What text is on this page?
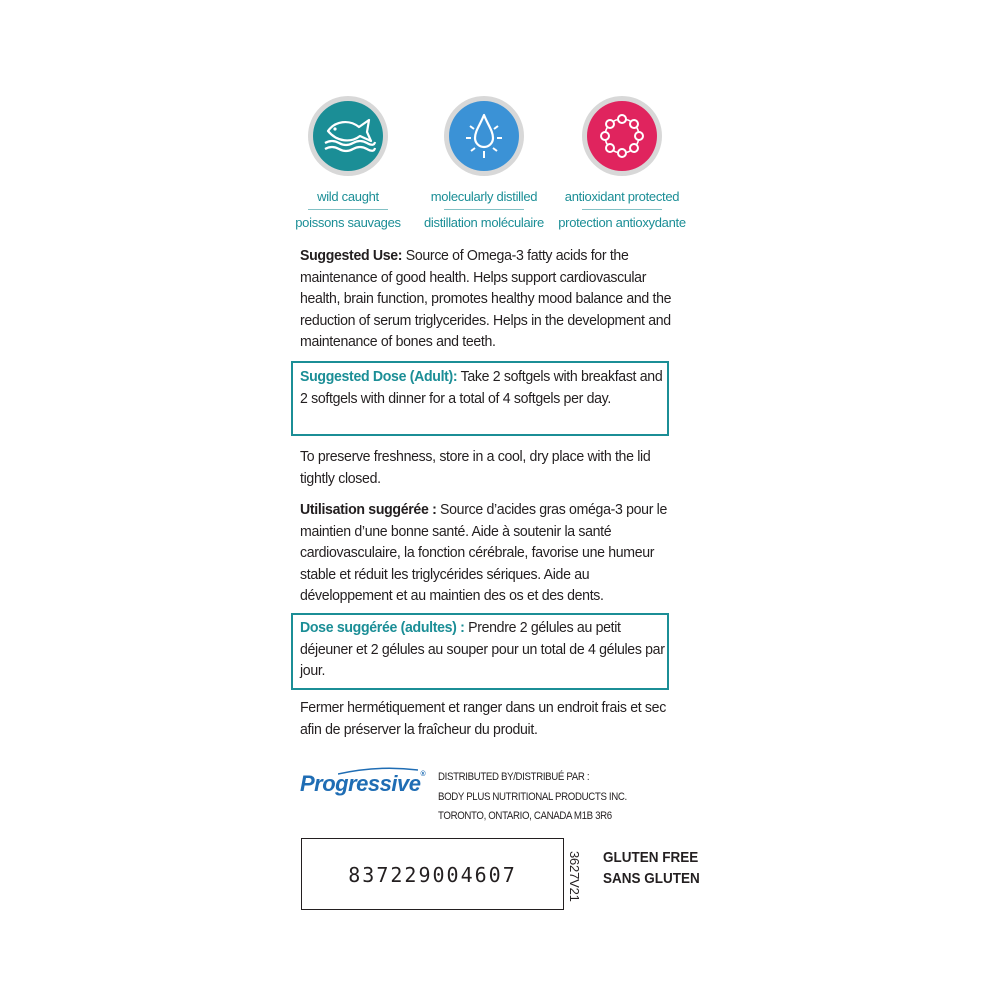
wild caught
poissons sauvages
molecularly distilled
distillation moléculaire
antioxidant protected
protection antioxydante
Suggested Use: Source of Omega-3 fatty acids for the maintenance of good health. Helps support cardiovascular health, brain function, promotes healthy mood balance and the reduction of serum triglycerides. Helps in the development and maintenance of bones and teeth.
Suggested Dose (Adult): Take 2 softgels with breakfast and 2 softgels with dinner for a total of 4 softgels per day.
To preserve freshness, store in a cool, dry place with the lid tightly closed.
Utilisation suggérée : Source d’acides gras oméga-3 pour le maintien d’une bonne santé. Aide à soutenir la santé cardiovasculaire, la fonction cérébrale, favorise une humeur stable et réduit les triglycérides sériques. Aide au développement et au maintien des os et des dents.
Dose suggérée (adultes) : Prendre 2 gélules au petit déjeuner et 2 gélules au souper pour un total de 4 gélules par jour.
Fermer hermétiquement et ranger dans un endroit frais et sec afin de préserver la fraîcheur du produit.
Progressive® DISTRIBUTED BY/DISTRIBUÉ PAR :
BODY PLUS NUTRITIONAL PRODUCTS INC.
TORONTO, ONTARIO, CANADA M1B 3R6
837229004607	3627V21 GLUTEN FREE
SANS GLUTEN
